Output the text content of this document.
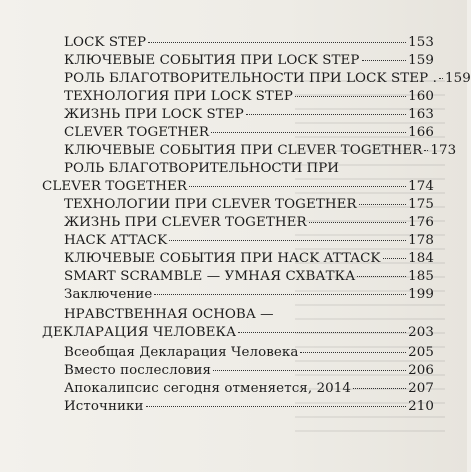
LOCK STEP	153
КЛЮЧЕВЫЕ СОБЫТИЯ ПРИ LOCK STEP	159
РОЛЬ БЛАГОТВОРИТЕЛЬНОСТИ ПРИ LOCK STEP . 159
ТЕХНОЛОГИЯ ПРИ LOCK STEP	160
ЖИЗНЬ ПРИ LOCK STEP	163
CLEVER TOGETHER	166
КЛЮЧЕВЫЕ СОБЫТИЯ ПРИ CLEVER TOGETHER 173
РОЛЬ БЛАГОТВОРИТЕЛЬНОСТИ ПРИ
CLEVER TOGETHER	174
ТЕХНОЛОГИИ ПРИ CLEVER TOGETHER	175
ЖИЗНЬ ПРИ CLEVER TOGETHER	176
HACK ATTACK	178
КЛЮЧЕВЫЕ СОБЫТИЯ ПРИ HACK ATTACK 184
SMART SCRAMBLE — УМНАЯ СХВАТКА	185
Заключение	199
НРАВСТВЕННАЯ ОСНОВА —
ДЕКЛАРАЦИЯ ЧЕЛОВЕКА	203
Всеобщая Декларация Человека	205
Вместо послесловия	206
Апокалипсис сегодня отменяется, 2014	207
Источники	210
